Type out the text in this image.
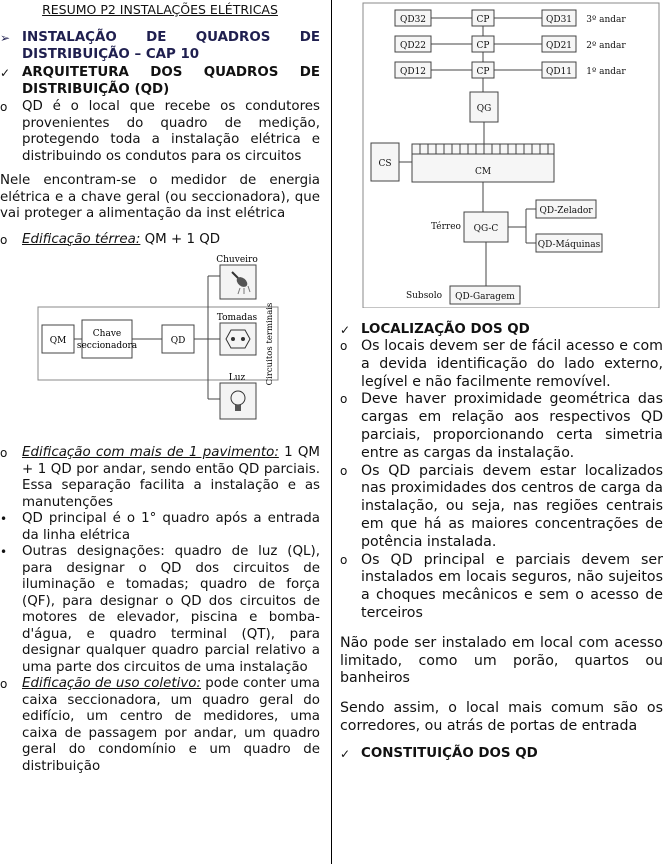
RESUMO P2 INSTALAÇÕES ELÉTRICAS
➢ INSTALAÇÃO DE QUADROS DE DISTRIBUIÇÃO – CAP 10
✓ ARQUITETURA DOS QUADROS DE DISTRIBUIÇÃO (QD)
o	QD é o local que recebe os condutores provenientes do quadro de medição, protegendo toda a instalação elétrica e distribuindo os condutos para os circuitos
Nele encontram-se o medidor de energia elétrica e a chave geral (ou seccionadora), que vai proteger a alimentação da inst elétrica
o	Edificação térrea: QM + 1 QD
QM
Chave
seccionadora	QD
Chuveiro
Tomadas
Luz Circuitos terminais
o	Edificação com mais de 1 pavimento: 1 QM + 1 QD por andar, sendo então QD parciais. Essa separação facilita a instalação e as manutenções
•	QD principal é o 1° quadro após a entrada da linha elétrica
•	Outras designações: quadro de luz (QL), para designar o QD dos circuitos de iluminação e tomadas; quadro de força (QF), para designar o QD dos circuitos de motores de elevador, piscina e bomba-d'água, e quadro terminal (QT), para designar qualquer quadro parcial relativo a uma parte dos circuitos de uma instalação
o	Edificação de uso coletivo: pode conter uma caixa seccionadora, um quadro geral do edifício, um centro de medidores, uma caixa de passagem por andar, um quadro geral do condomínio e um quadro de distribuição
QD32	CP	QD31 3º andar
QD22	CP	QD21 2º andar
QD12	CP	QD11 1º andar
QG
CS
CM
Térreo QG-C
QD-Zelador
QD-Máquinas
Subsolo QD-Garagem
✓ LOCALIZAÇÃO DOS QD
o Os locais devem ser de fácil acesso e com a devida identificação do lado externo, legível e não facilmente removível.
o Deve haver proximidade geométrica das cargas em relação aos respectivos QD parciais, proporcionando certa simetria entre as cargas da instalação.
o Os QD parciais devem estar localizados nas proximidades dos centros de carga da instalação, ou seja, nas regiões centrais em que há as maiores concentrações de potência instalada.
o Os QD principal e parciais devem ser instalados em locais seguros, não sujeitos a choques mecânicos e sem o acesso de terceiros
Não pode ser instalado em local com acesso limitado, como um porão, quartos ou banheiros
Sendo assim, o local mais comum são os corredores, ou atrás de portas de entrada
✓ CONSTITUIÇÃO DOS QD
